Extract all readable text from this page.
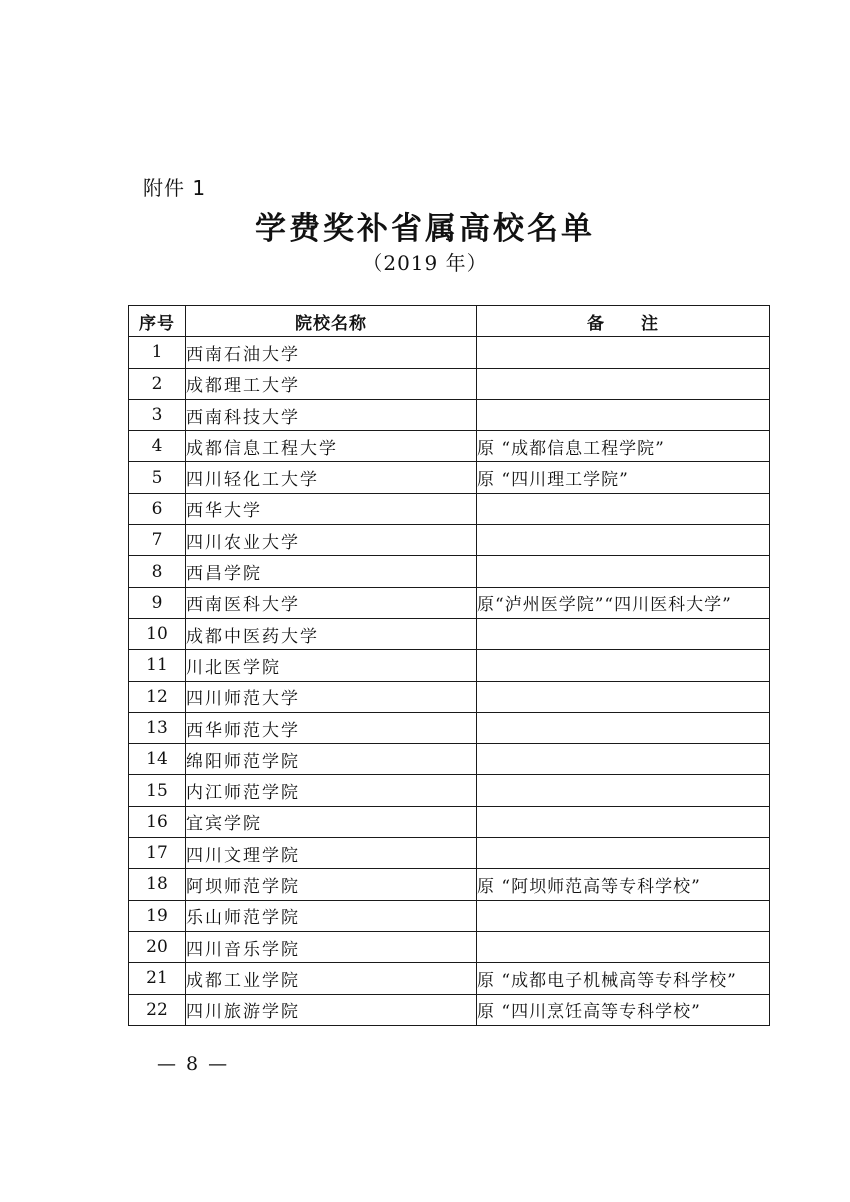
附件 1
学费奖补省属高校名单
（2019 年）
序号	院校名称	备　　注
1	西南石油大学	
2	成都理工大学	
3	西南科技大学	
4	成都信息工程大学	原 “成都信息工程学院”
5	四川轻化工大学	原 “四川理工学院”
6	西华大学	
7	四川农业大学	
8	西昌学院	
9	西南医科大学	原“泸州医学院”“四川医科大学”
10	成都中医药大学	
11	川北医学院	
12	四川师范大学	
13	西华师范大学	
14	绵阳师范学院	
15	内江师范学院	
16	宜宾学院	
17	四川文理学院	
18	阿坝师范学院	原 “阿坝师范高等专科学校”
19	乐山师范学院	
20	四川音乐学院	
21	成都工业学院	原 “成都电子机械高等专科学校”
22	四川旅游学院	原 “四川烹饪高等专科学校”
— 8 —
